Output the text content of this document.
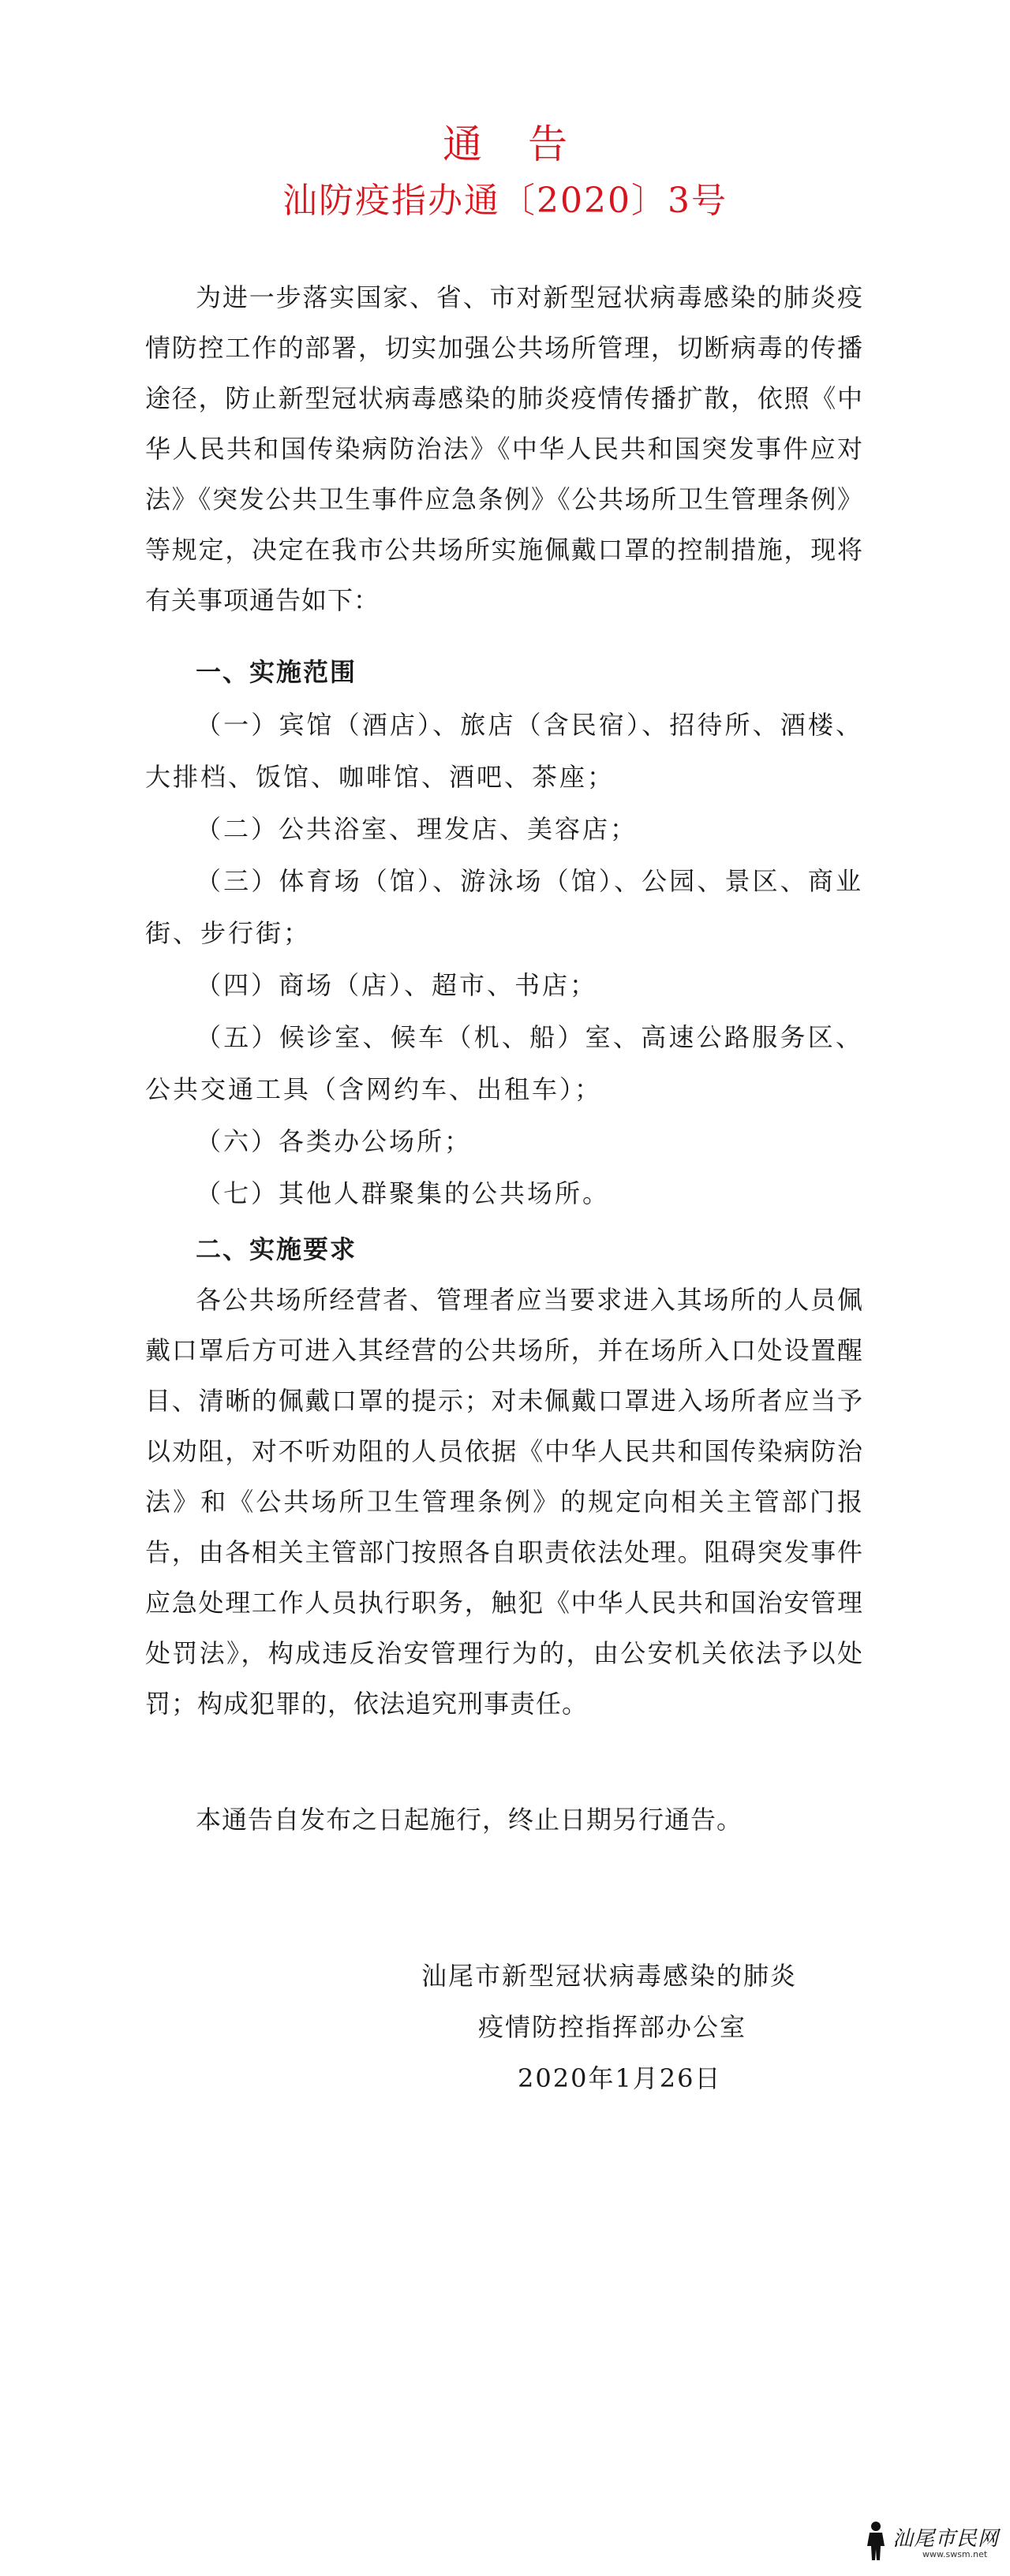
通告
汕防疫指办通〔2020〕3号
为进一步落实国家、省、市对新型冠状病毒感染的肺炎疫情防控工作的部署，切实加强公共场所管理，切断病毒的传播途径，防止新型冠状病毒感染的肺炎疫情传播扩散，依照《中华人民共和国传染病防治法》《中华人民共和国突发事件应对法》《突发公共卫生事件应急条例》《公共场所卫生管理条例》等规定，决定在我市公共场所实施佩戴口罩的控制措施，现将有关事项通告如下：
一、实施范围
（一）宾馆（酒店）、旅店（含民宿）、招待所、酒楼、大排档、饭馆、咖啡馆、酒吧、茶座；
（二）公共浴室、理发店、美容店；
（三）体育场（馆）、游泳场（馆）、公园、景区、商业街、步行街；
（四）商场（店）、超市、书店；
（五）候诊室、候车（机、船）室、高速公路服务区、公共交通工具（含网约车、出租车）；
（六）各类办公场所；
（七）其他人群聚集的公共场所。
二、实施要求
各公共场所经营者、管理者应当要求进入其场所的人员佩戴口罩后方可进入其经营的公共场所，并在场所入口处设置醒目、清晰的佩戴口罩的提示；对未佩戴口罩进入场所者应当予以劝阻，对不听劝阻的人员依据《中华人民共和国传染病防治法》和《公共场所卫生管理条例》的规定向相关主管部门报告，由各相关主管部门按照各自职责依法处理。阻碍突发事件应急处理工作人员执行职务，触犯《中华人民共和国治安管理处罚法》，构成违反治安管理行为的，由公安机关依法予以处罚；构成犯罪的，依法追究刑事责任。
本通告自发布之日起施行，终止日期另行通告。
汕尾市新型冠状病毒感染的肺炎
疫情防控指挥部办公室
2020年1月26日
汕尾市民网
www.swsm.net
